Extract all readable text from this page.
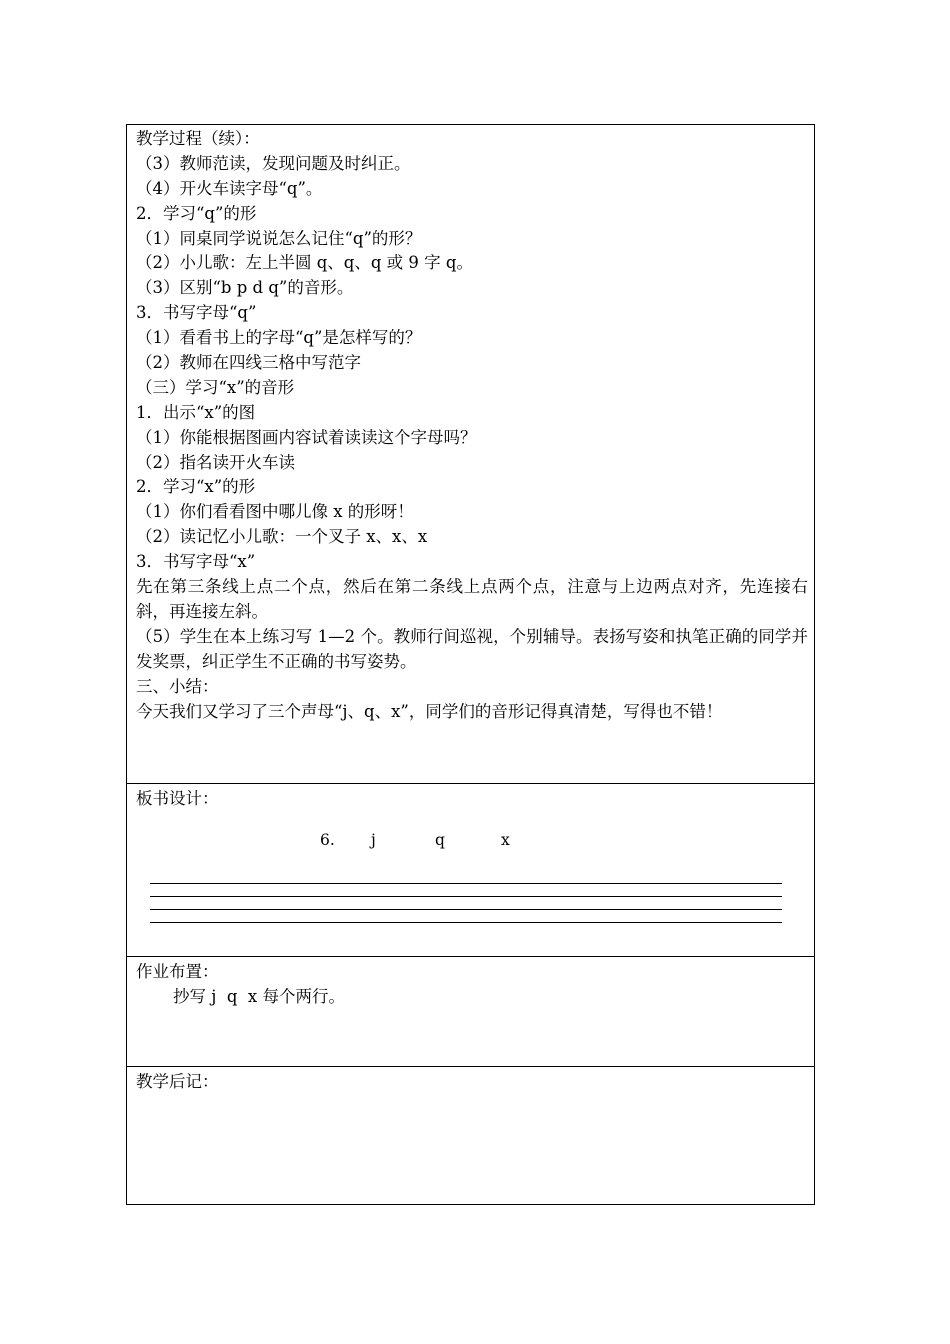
教学过程（续）：
（3）教师范读，发现问题及时纠正。
（4）开火车读字母“q”。
2．学习“q”的形
（1）同桌同学说说怎么记住“q”的形？
（2）小儿歌：左上半圆 q、q、q 或 9 字 q。
（3）区别“b p d q”的音形。
3．书写字母“q”
（1）看看书上的字母“q”是怎样写的？
（2）教师在四线三格中写范字
（三）学习“x”的音形
1．出示“x”的图
（1）你能根据图画内容试着读读这个字母吗？
（2）指名读开火车读
2．学习“x”的形
（1）你们看看图中哪儿像 x 的形呀！
（2）读记忆小儿歌：一个叉子 x、x、x
3．书写字母“x”
先在第三条线上点二个点，然后在第二条线上点两个点，注意与上边两点对齐，先连接右斜，再连接左斜。
（5）学生在本上练习写 1—2 个。教师行间巡视，个别辅导。表扬写姿和执笔正确的同学并发奖票，纠正学生不正确的书写姿势。
三、小结：
今天我们又学习了三个声母“j、q、x”，同学们的音形记得真清楚，写得也不错！
板书设计：
6. j	q	x
作业布置：
抄写 j  q  x 每个两行。
教学后记：
